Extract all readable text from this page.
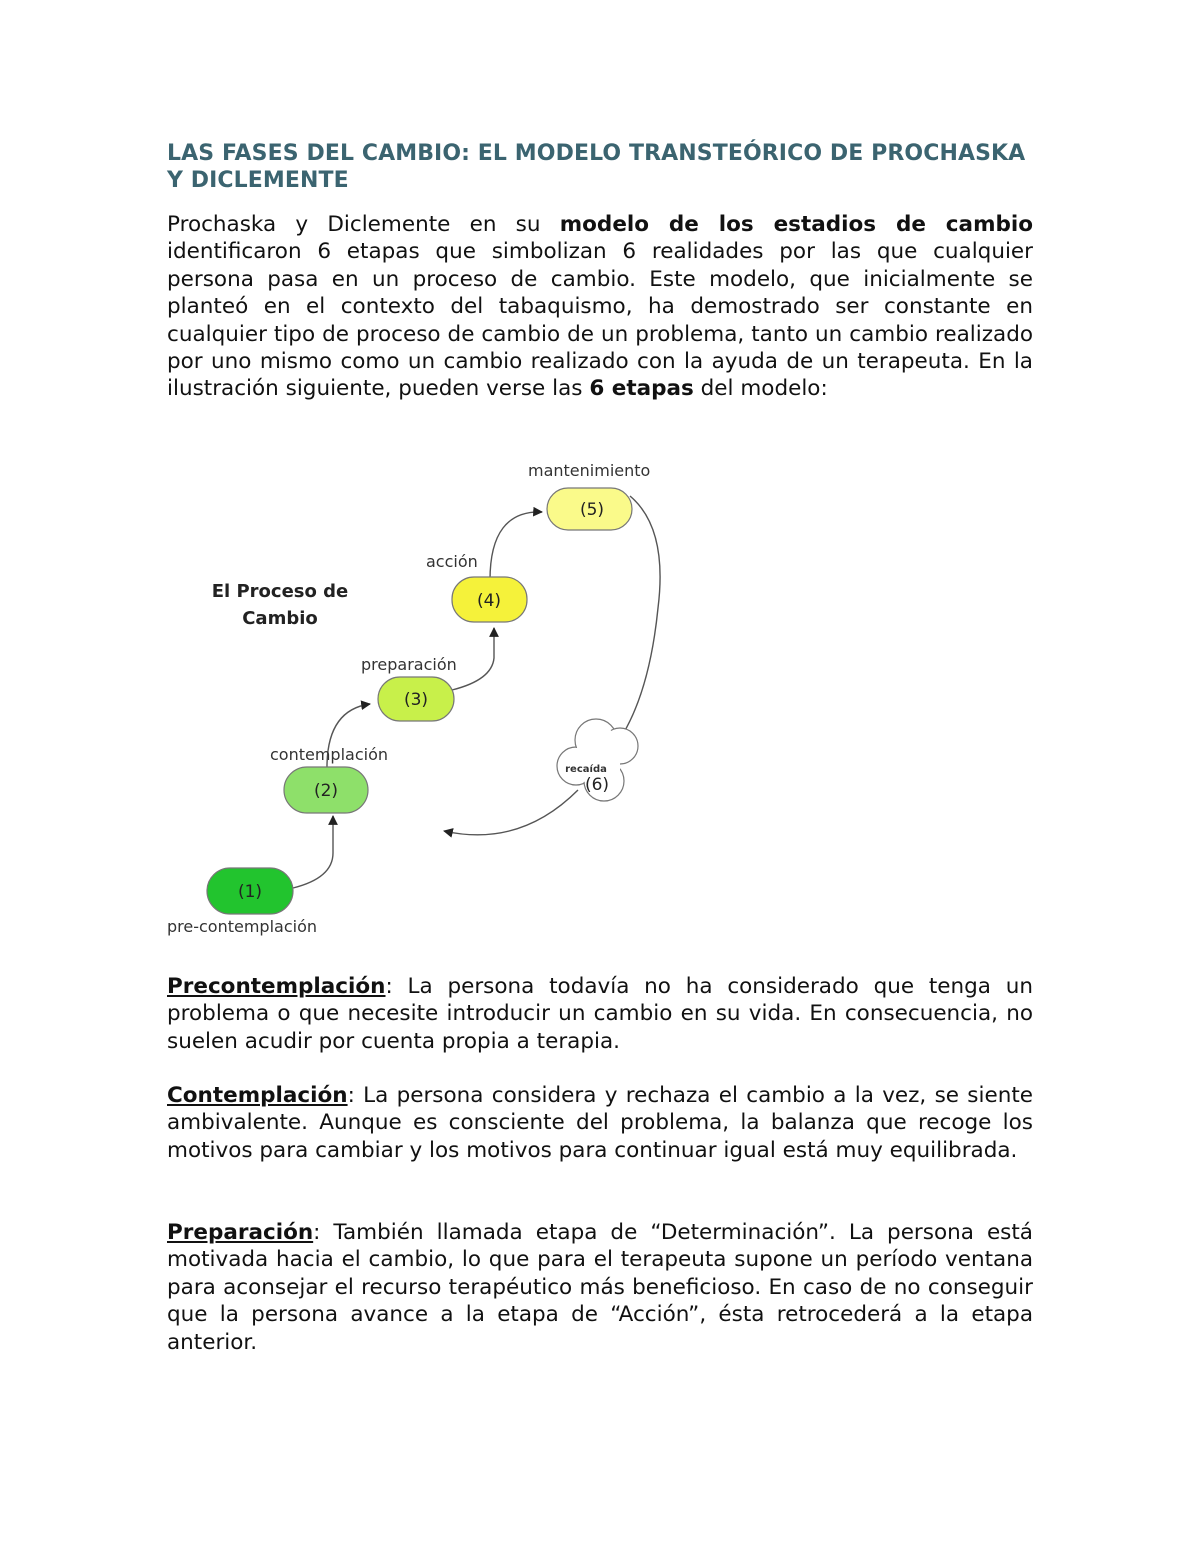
LAS FASES DEL CAMBIO: EL MODELO TRANSTEÓRICO DE PROCHASKA Y DICLEMENTE

Prochaska y Diclemente en su modelo de los estadios de cambio identificaron 6 etapas que simbolizan 6 realidades por las que cualquier persona pasa en un proceso de cambio. Este modelo, que inicialmente se planteó en el contexto del tabaquismo, ha demostrado ser constante en cualquier tipo de proceso de cambio de un problema, tanto un cambio realizado por uno mismo como un cambio realizado con la ayuda de un terapeuta. En la ilustración siguiente, pueden verse las 6 etapas del modelo:

El Proceso de
Cambio
(1)
pre-contemplación
(2)
contemplación
(3)
preparación
(4)
acción
(5)
mantenimiento
recaída
(6)

Precontemplación: La persona todavía no ha considerado que tenga un problema o que necesite introducir un cambio en su vida. En consecuencia, no suelen acudir por cuenta propia a terapia.

Contemplación: La persona considera y rechaza el cambio a la vez, se siente ambivalente. Aunque es consciente del problema, la balanza que recoge los motivos para cambiar y los motivos para continuar igual está muy equilibrada.

Preparación: También llamada etapa de “Determinación”. La persona está motivada hacia el cambio, lo que para el terapeuta supone un período ventana para aconsejar el recurso terapéutico más beneficioso. En caso de no conseguir que la persona avance a la etapa de “Acción”, ésta retrocederá a la etapa anterior.
